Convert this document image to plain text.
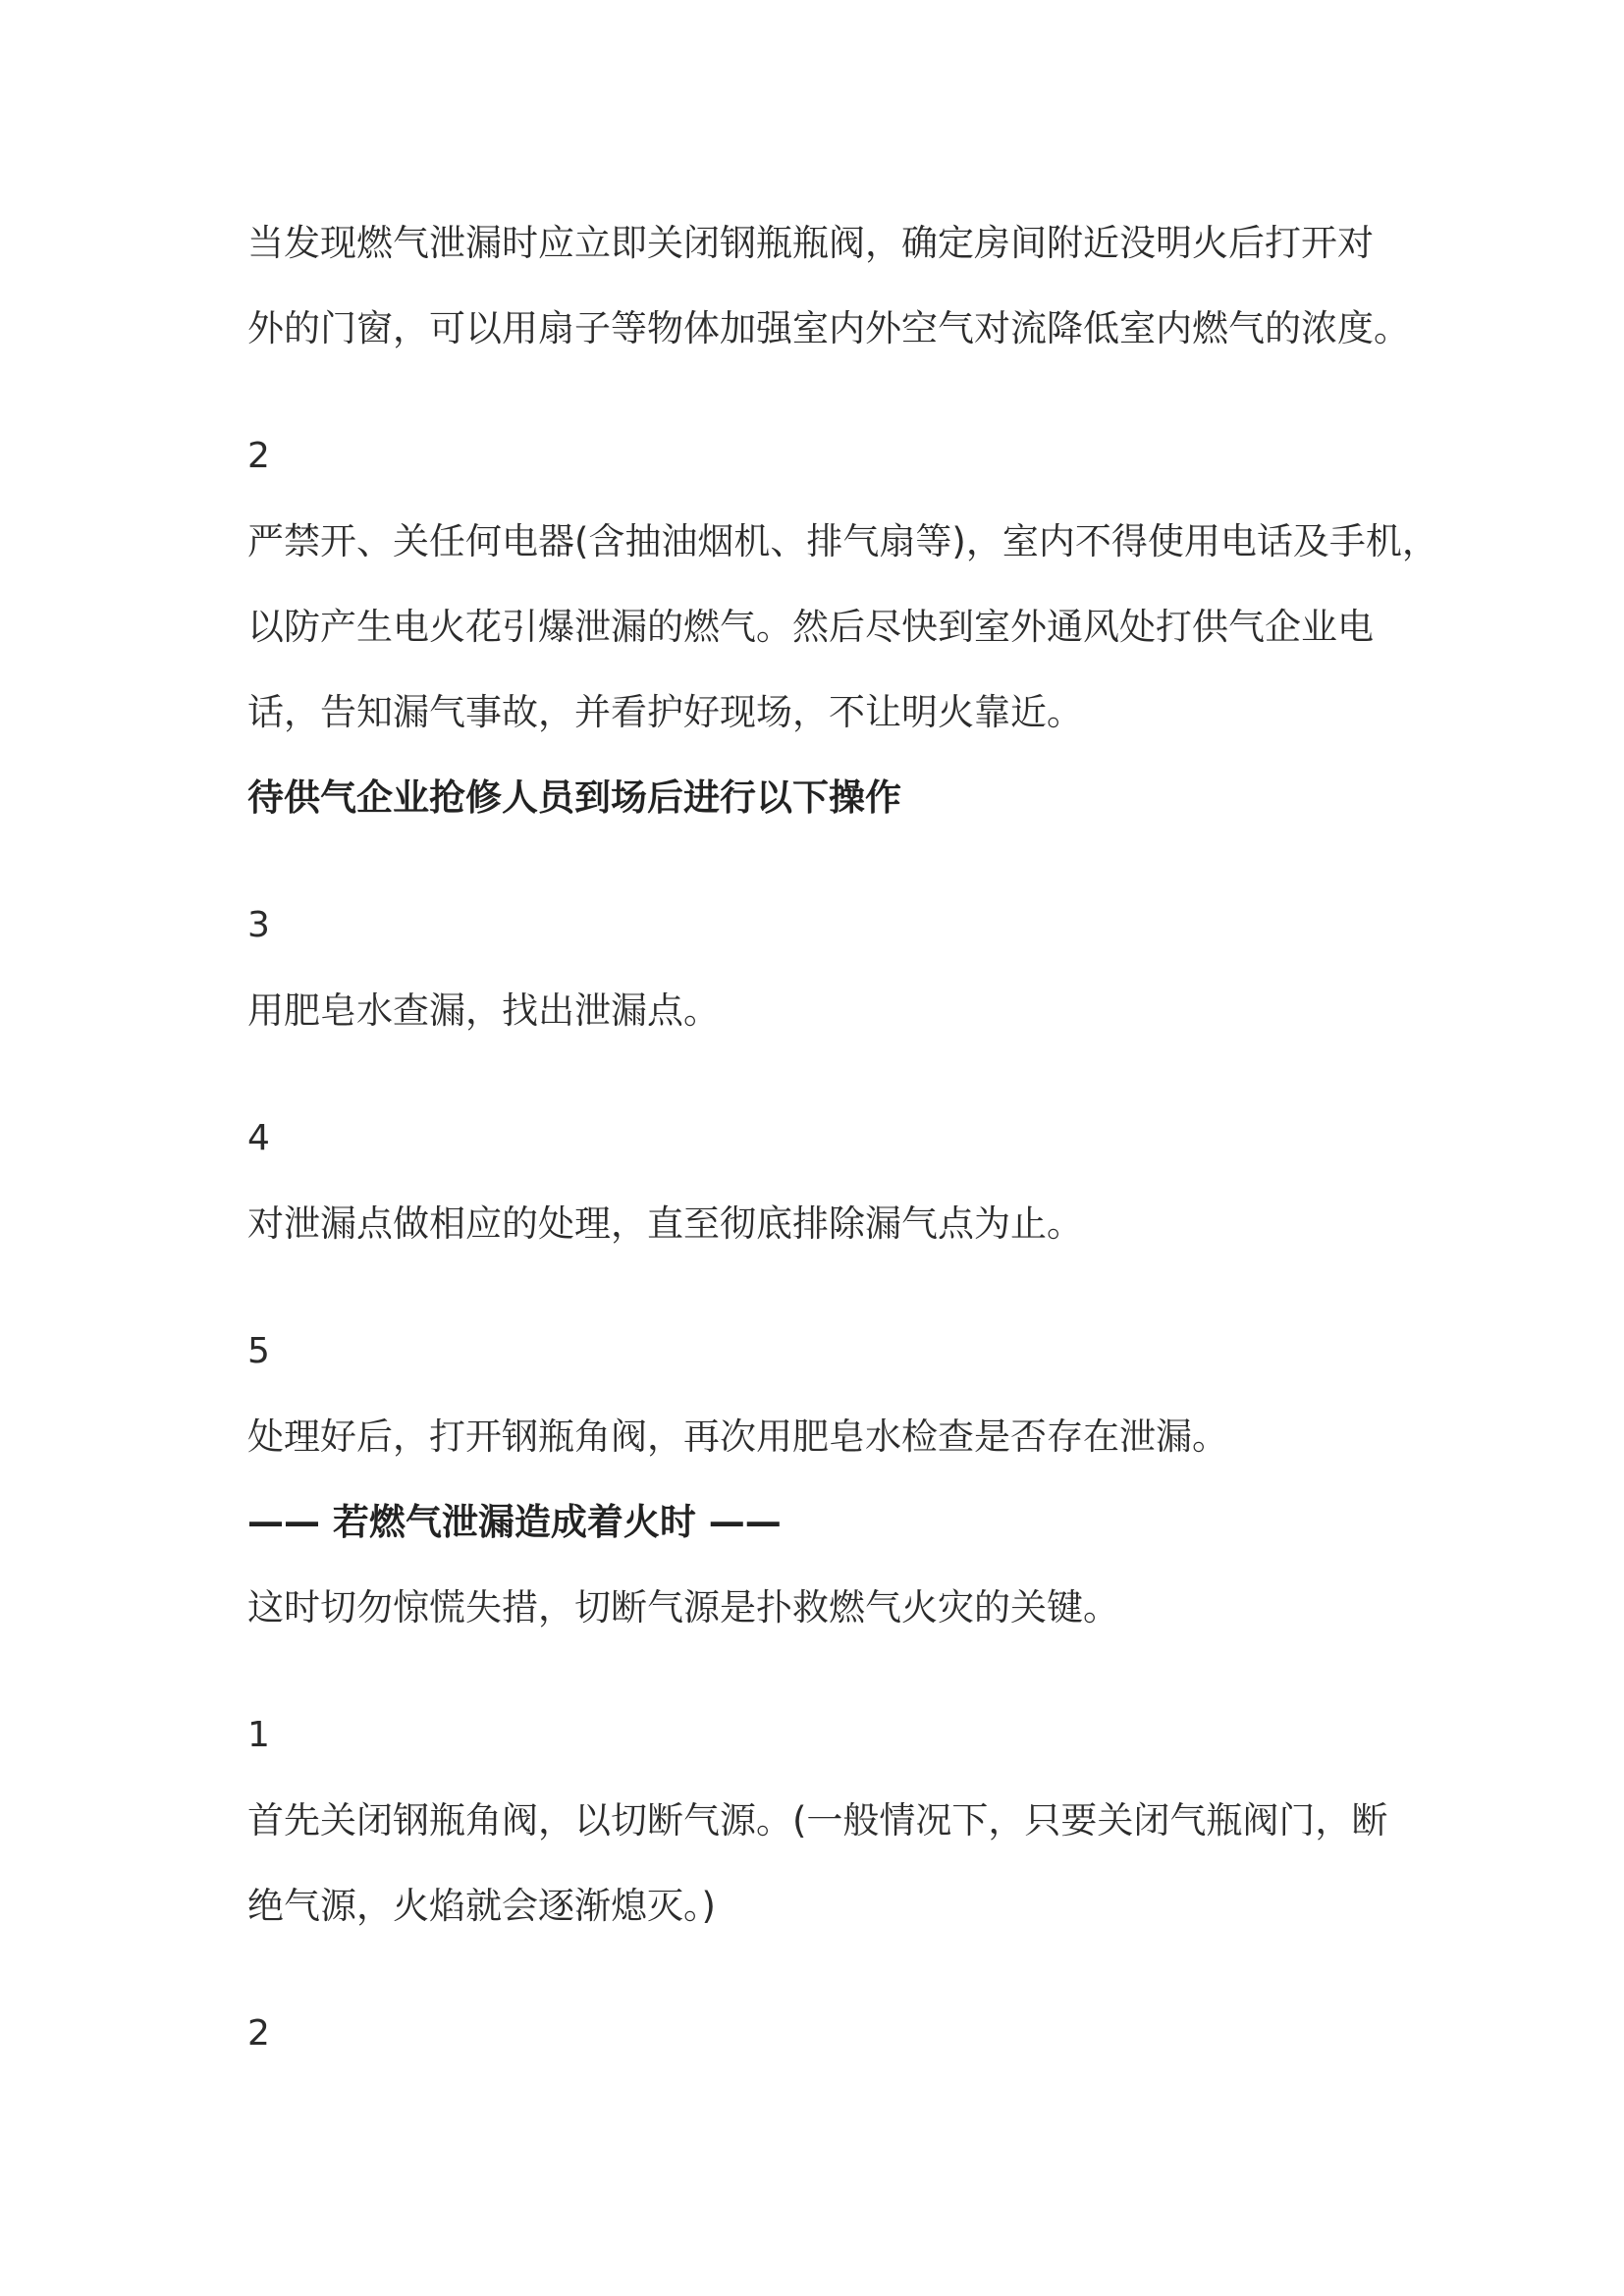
当发现燃气泄漏时应立即关闭钢瓶瓶阀，确定房间附近没明火后打开对
外的门窗，可以用扇子等物体加强室内外空气对流降低室内燃气的浓度。
2
严禁开、关任何电器(含抽油烟机、排气扇等)，室内不得使用电话及手机，
以防产生电火花引爆泄漏的燃气。然后尽快到室外通风处打供气企业电
话，告知漏气事故，并看护好现场，不让明火靠近。
待供气企业抢修人员到场后进行以下操作
3
用肥皂水查漏，找出泄漏点。
4
对泄漏点做相应的处理，直至彻底排除漏气点为止。
5
处理好后，打开钢瓶角阀，再次用肥皂水检查是否存在泄漏。
—— 若燃气泄漏造成着火时 ——
这时切勿惊慌失措，切断气源是扑救燃气火灾的关键。
1
首先关闭钢瓶角阀，以切断气源。(一般情况下，只要关闭气瓶阀门，断
绝气源，火焰就会逐渐熄灭。)
2
